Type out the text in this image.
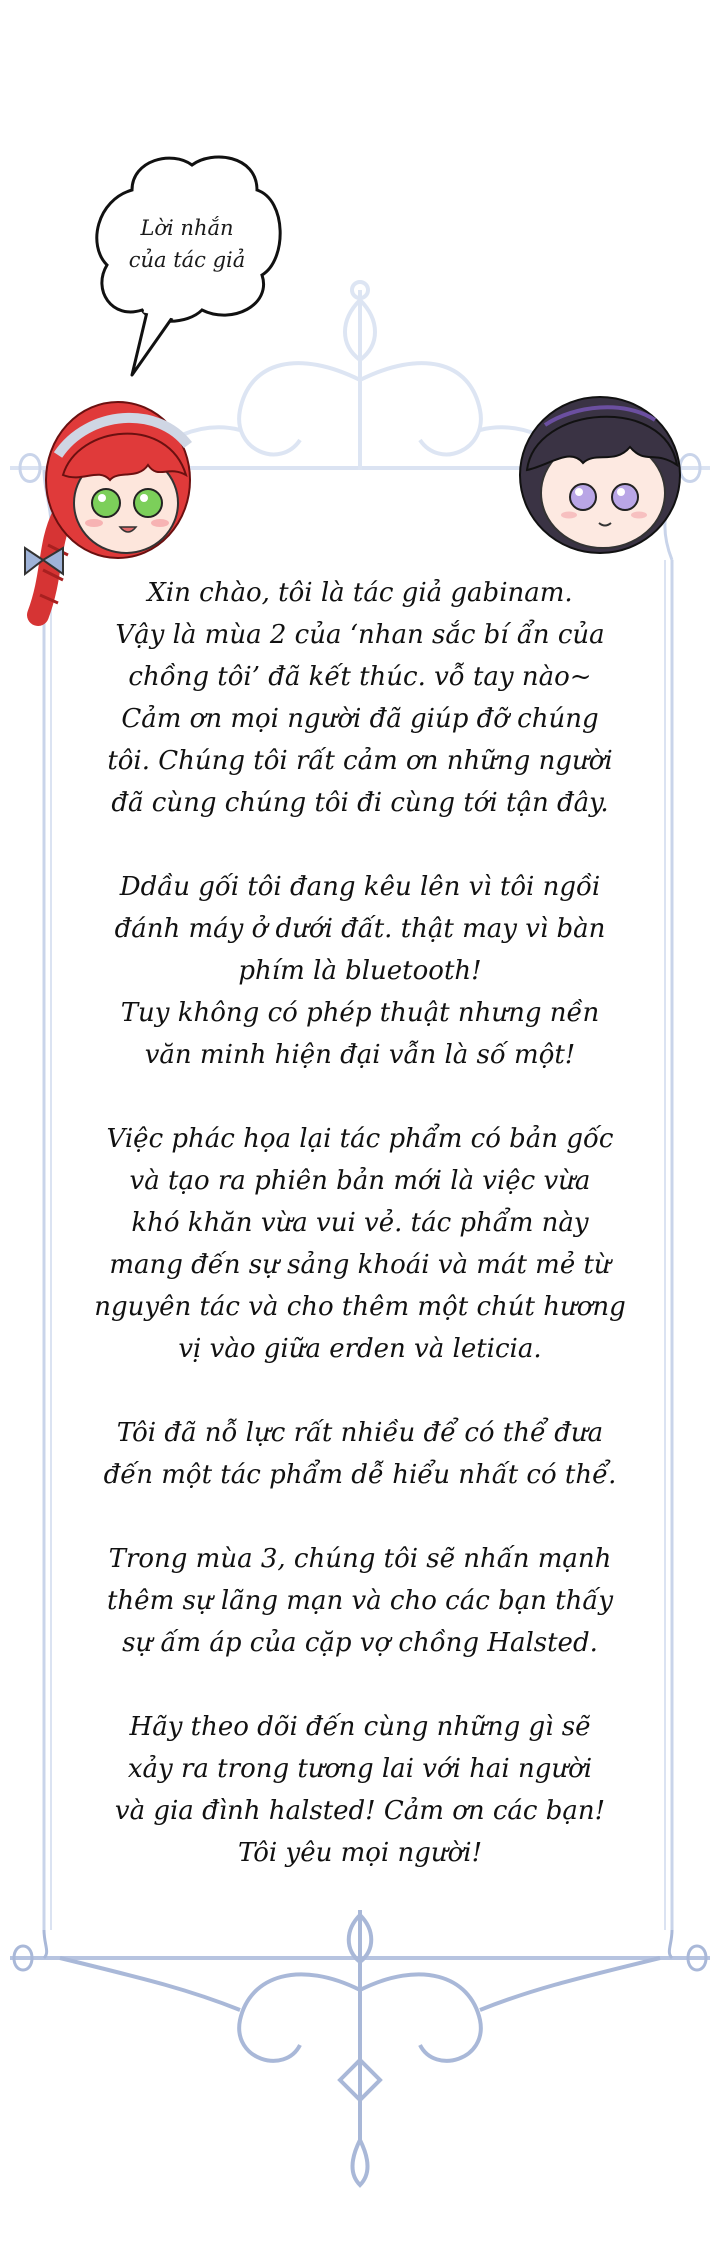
Lời nhắn
của tác giả

Xin chào, tôi là tác giả gabinam.
Vậy là mùa 2 của ‘nhan sắc bí ẩn của
chồng tôi’ đã kết thúc. vỗ tay nào~
Cảm ơn mọi người đã giúp đỡ chúng
tôi. Chúng tôi rất cảm ơn những người
đã cùng chúng tôi đi cùng tới tận đây.

Ddầu gối tôi đang kêu lên vì tôi ngồi
đánh máy ở dưới đất. thật may vì bàn
phím là bluetooth!
Tuy không có phép thuật nhưng nền
văn minh hiện đại vẫn là số một!

Việc phác họa lại tác phẩm có bản gốc
và tạo ra phiên bản mới là việc vừa
khó khăn vừa vui vẻ. tác phẩm này
mang đến sự sảng khoái và mát mẻ từ
nguyên tác và cho thêm một chút hương
vị vào giữa erden và leticia.

Tôi đã nỗ lực rất nhiều để có thể đưa
đến một tác phẩm dễ hiểu nhất có thể.

Trong mùa 3, chúng tôi sẽ nhấn mạnh
thêm sự lãng mạn và cho các bạn thấy
sự ấm áp của cặp vợ chồng Halsted.

Hãy theo dõi đến cùng những gì sẽ
xảy ra trong tương lai với hai người
và gia đình halsted! Cảm ơn các bạn!
Tôi yêu mọi người!
